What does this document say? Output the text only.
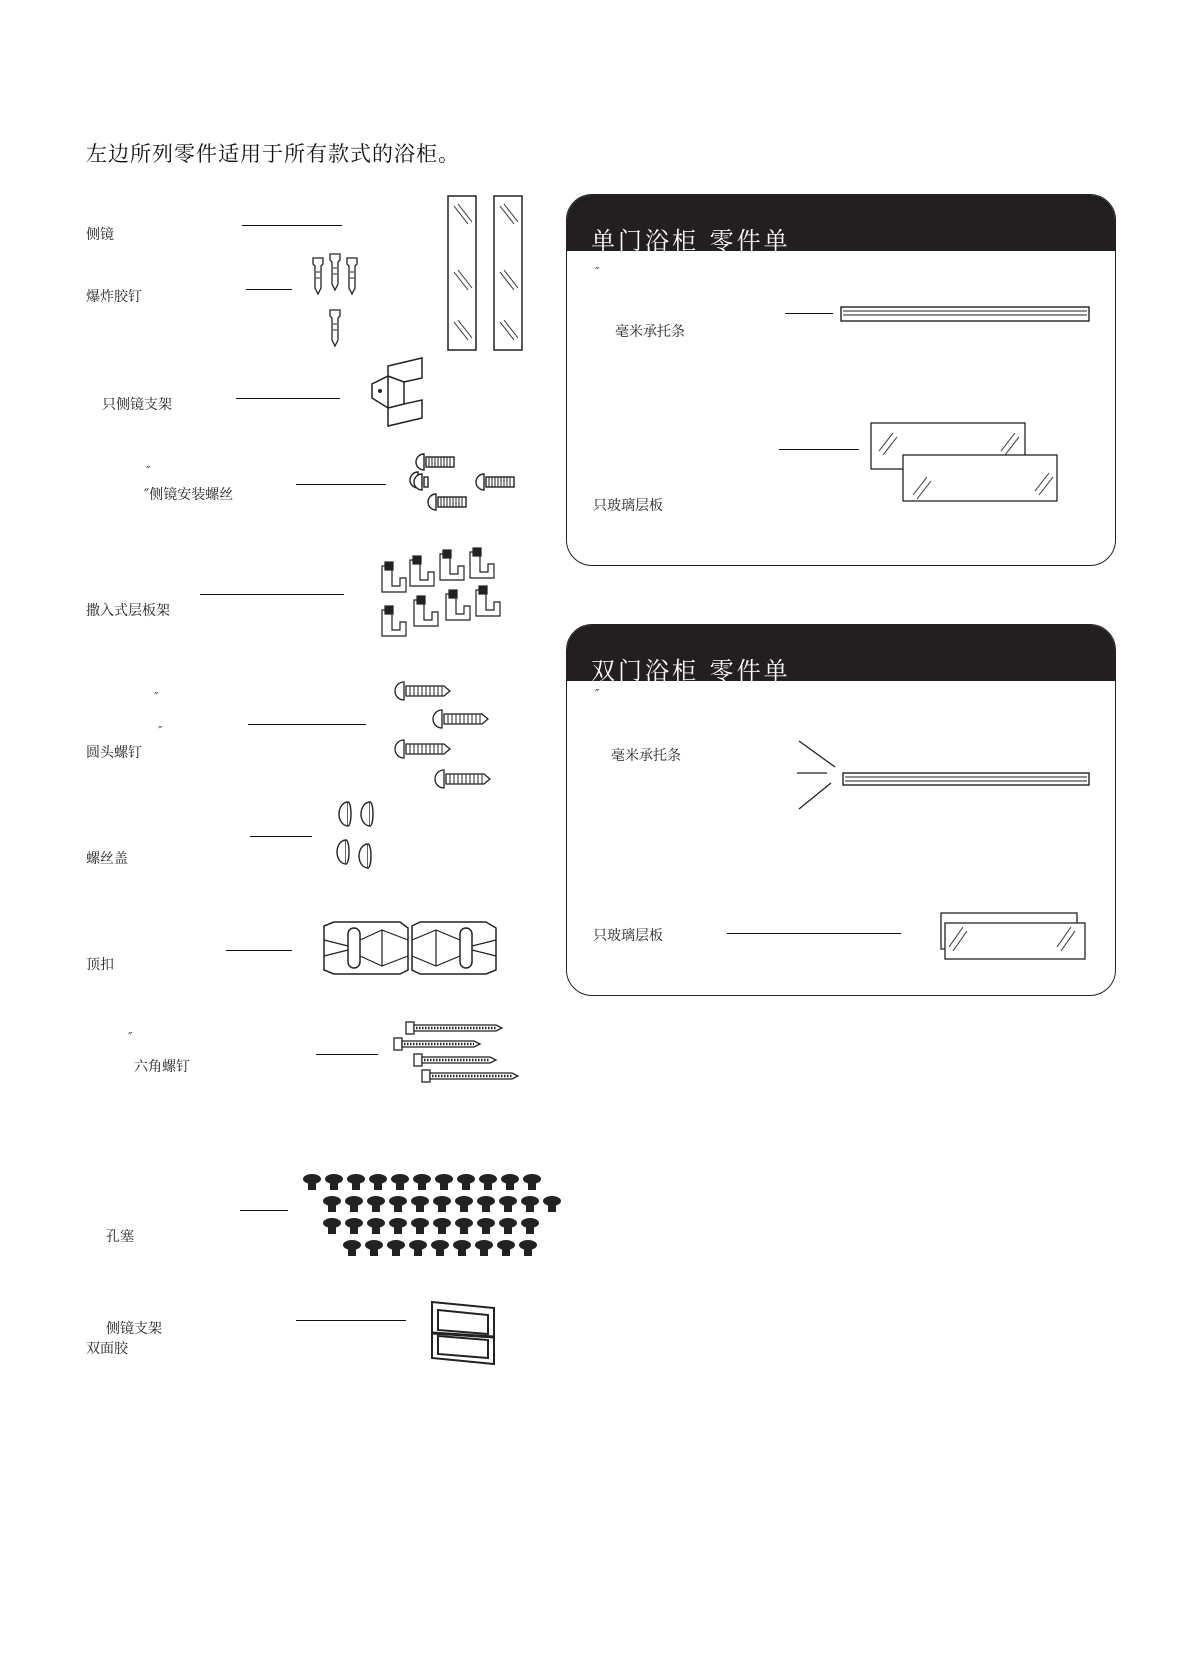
左边所列零件适用于所有款式的浴柜。
侧镜
爆炸胶钉
只侧镜支架
″
″侧镜安装螺丝
撒入式层板架
″
″
圆头螺钉
螺丝盖
顶扣
″
六角螺钉
孔塞
侧镜支架
双面胶
单门浴柜 零件单
″
毫米承托条
只玻璃层板
双门浴柜 零件单
″
毫米承托条
只玻璃层板
